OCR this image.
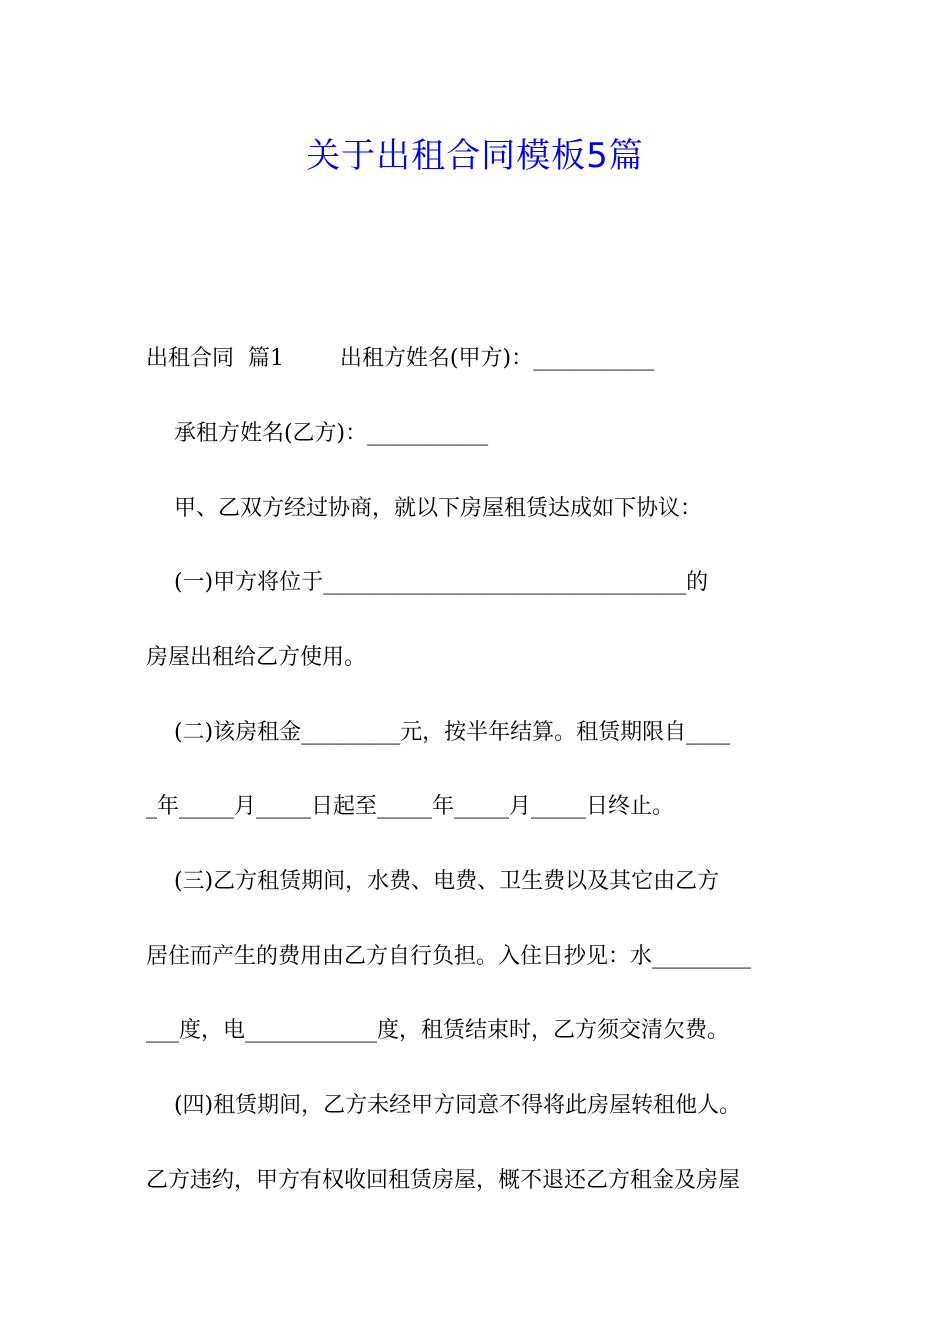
关于出租合同模板5篇
出租合同  篇1        出租方姓名(甲方)：___________
承租方姓名(乙方)：___________
甲、乙双方经过协商，就以下房屋租赁达成如下协议：
(一)甲方将位于_________________________________的
房屋出租给乙方使用。
(二)该房租金_________元，按半年结算。租赁期限自____
_年_____月_____日起至_____年_____月_____日终止。
(三)乙方租赁期间，水费、电费、卫生费以及其它由乙方
居住而产生的费用由乙方自行负担。入住日抄见：水_________
___度，电____________度，租赁结束时，乙方须交清欠费。
(四)租赁期间，乙方未经甲方同意不得将此房屋转租他人。
乙方违约，甲方有权收回租赁房屋，概不退还乙方租金及房屋
